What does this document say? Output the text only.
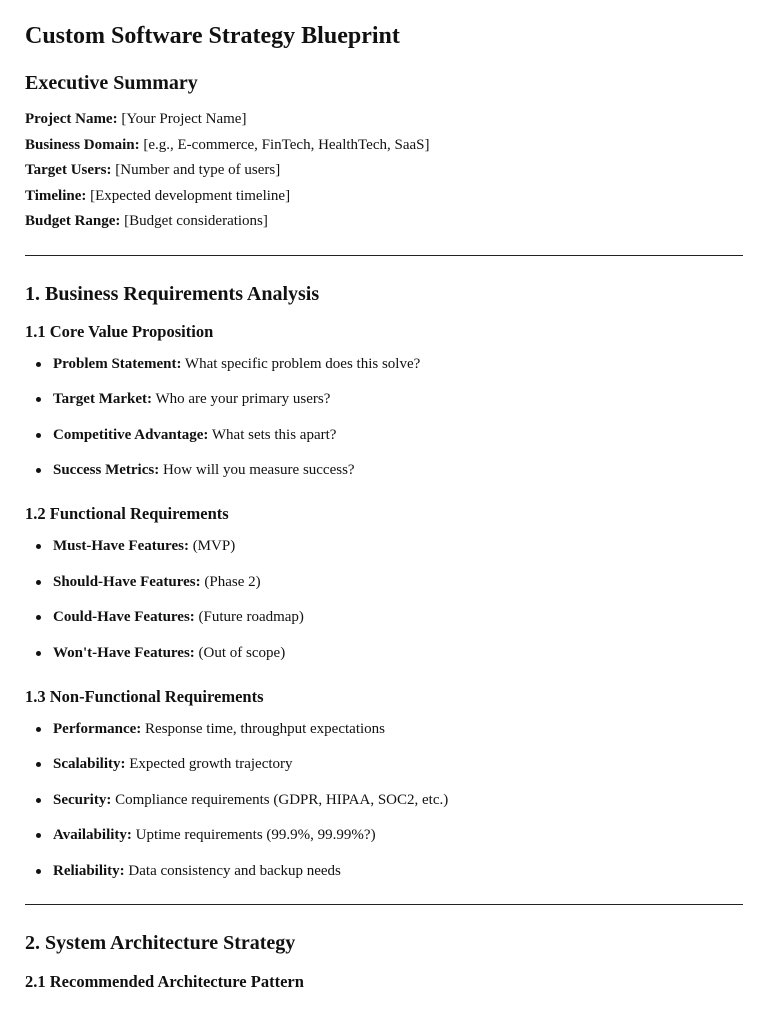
Custom Software Strategy Blueprint
Executive Summary

Project Name: [Your Project Name]

Business Domain: [e.g., E-commerce, FinTech, HealthTech, SaaS]

Target Users: [Number and type of users]

Timeline: [Expected development timeline]

Budget Range: [Budget considerations]

1. Business Requirements Analysis
1.1 Core Value Proposition
Problem Statement: What specific problem does this solve?
Target Market: Who are your primary users?
Competitive Advantage: What sets this apart?
Success Metrics: How will you measure success?
1.2 Functional Requirements
Must-Have Features: (MVP)
Should-Have Features: (Phase 2)
Could-Have Features: (Future roadmap)
Won't-Have Features: (Out of scope)
1.3 Non-Functional Requirements
Performance: Response time, throughput expectations
Scalability: Expected growth trajectory
Security: Compliance requirements (GDPR, HIPAA, SOC2, etc.)
Availability: Uptime requirements (99.9%, 99.99%?)
Reliability: Data consistency and backup needs
2. System Architecture Strategy
2.1 Recommended Architecture Pattern
